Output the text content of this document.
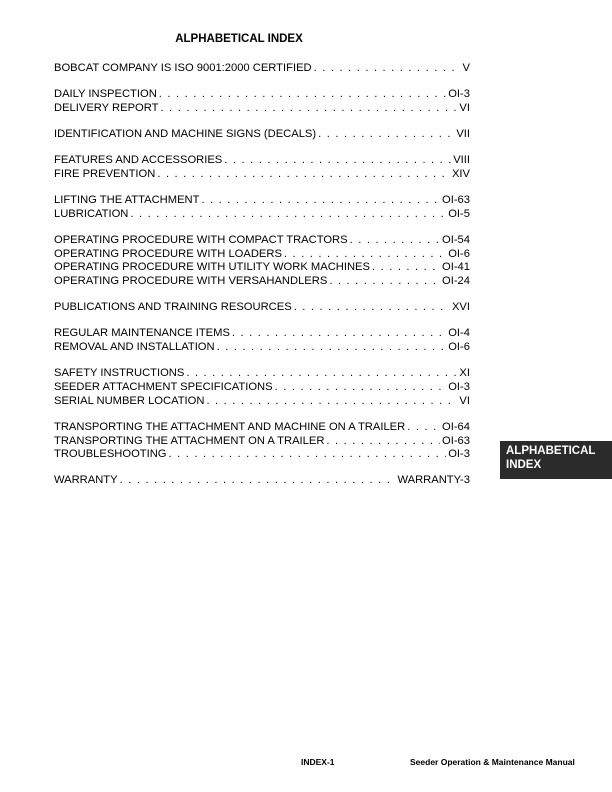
ALPHABETICAL INDEX
BOBCAT COMPANY IS ISO 9001:2000 CERTIFIED . . .	V
DAILY INSPECTION . . .	OI-3
DELIVERY REPORT . . .	VI
IDENTIFICATION AND MACHINE SIGNS (DECALS) . . .	VII
FEATURES AND ACCESSORIES . . .	VIII
FIRE PREVENTION . . .	XIV
LIFTING THE ATTACHMENT . . .	OI-63
LUBRICATION . . .	OI-5
OPERATING PROCEDURE WITH COMPACT TRACTORS . . .	OI-54
OPERATING PROCEDURE WITH LOADERS . . .	OI-6
OPERATING PROCEDURE WITH UTILITY WORK MACHINES . . .	OI-41
OPERATING PROCEDURE WITH VERSAHANDLERS . . .	OI-24
PUBLICATIONS AND TRAINING RESOURCES . . .	XVI
REGULAR MAINTENANCE ITEMS . . .	OI-4
REMOVAL AND INSTALLATION . . .	OI-6
SAFETY INSTRUCTIONS . . .	XI
SEEDER ATTACHMENT SPECIFICATIONS . . .	OI-3
SERIAL NUMBER LOCATION . . .	VI
TRANSPORTING THE ATTACHMENT AND MACHINE ON A TRAILER . . .	OI-64
TRANSPORTING THE ATTACHMENT ON A TRAILER . . .	OI-63
TROUBLESHOOTING . . .	OI-3
WARRANTY . . .	WARRANTY-3
ALPHABETICAL
INDEX
INDEX-1	Seeder Operation & Maintenance Manual
